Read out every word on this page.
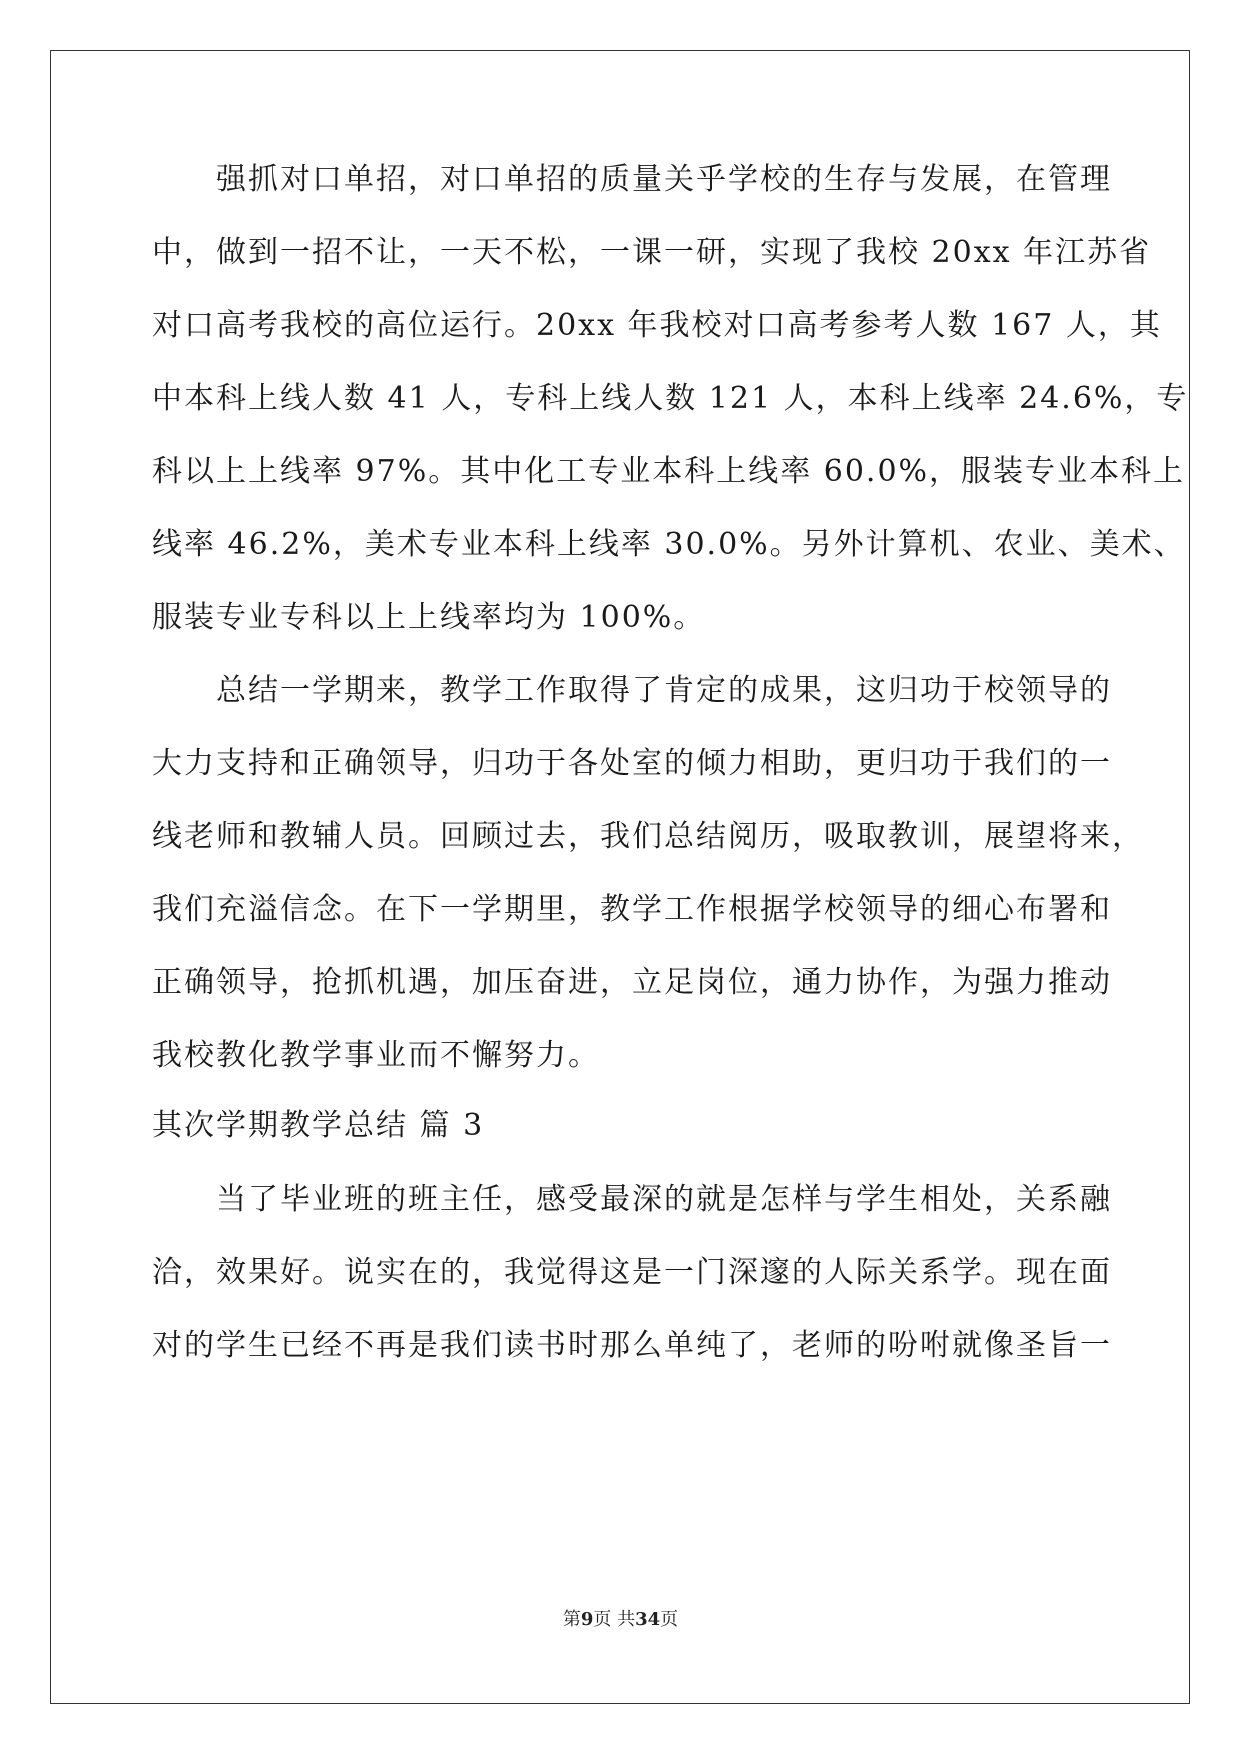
强抓对口单招，对口单招的质量关乎学校的生存与发展，在管理
中，做到一招不让，一天不松，一课一研，实现了我校 20xx 年江苏省
对口高考我校的高位运行。20xx 年我校对口高考参考人数 167 人，其
中本科上线人数 41 人，专科上线人数 121 人，本科上线率 24.6%，专
科以上上线率 97%。其中化工专业本科上线率 60.0%，服装专业本科上
线率 46.2%，美术专业本科上线率 30.0%。另外计算机、农业、美术、
服装专业专科以上上线率均为 100%。
总结一学期来，教学工作取得了肯定的成果，这归功于校领导的
大力支持和正确领导，归功于各处室的倾力相助，更归功于我们的一
线老师和教辅人员。回顾过去，我们总结阅历，吸取教训，展望将来，
我们充溢信念。在下一学期里，教学工作根据学校领导的细心布署和
正确领导，抢抓机遇，加压奋进，立足岗位，通力协作，为强力推动
我校教化教学事业而不懈努力。
其次学期教学总结 篇 3
当了毕业班的班主任，感受最深的就是怎样与学生相处，关系融
洽，效果好。说实在的，我觉得这是一门深邃的人际关系学。现在面
对的学生已经不再是我们读书时那么单纯了，老师的吩咐就像圣旨一
第9页 共34页
